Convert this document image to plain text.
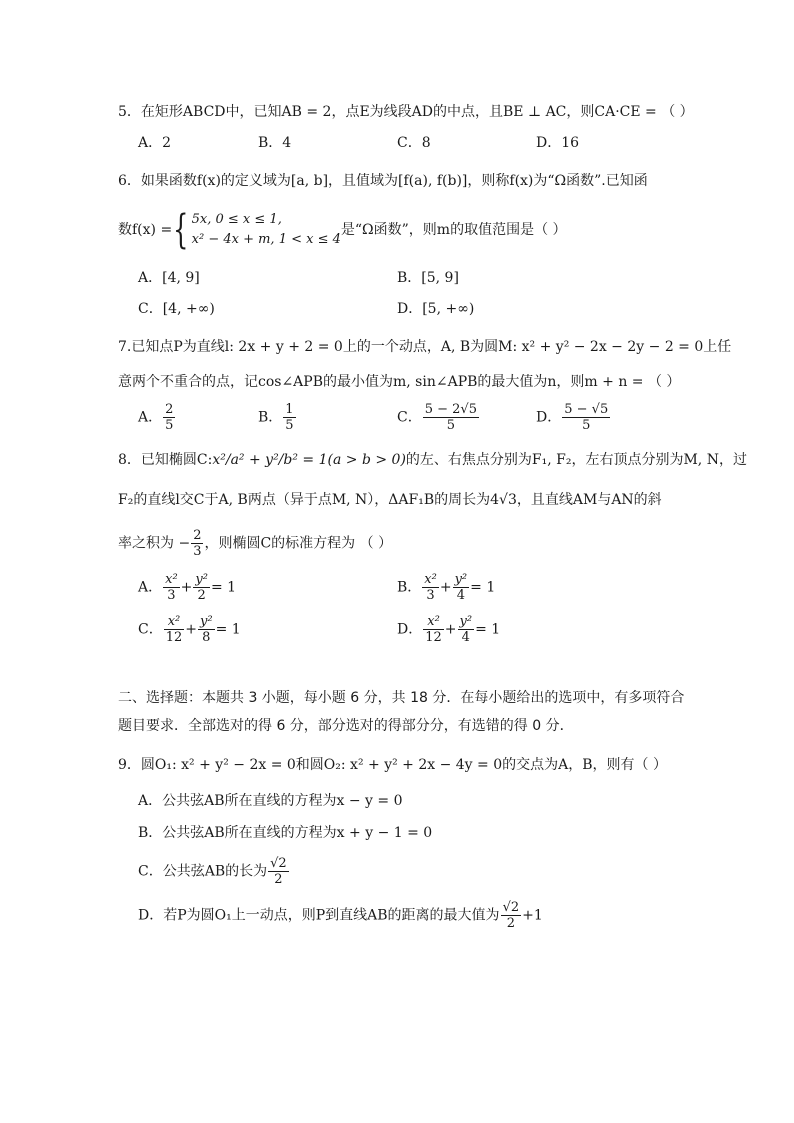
5．在矩形ABCD中，已知AB = 2，点E为线段AD的中点，且BE ⊥ AC，则CA·CE = （ ）
A．2	B．4	C．8	D．16
6．如果函数f(x)的定义域为[a, b]，且值域为[f(a), f(b)]，则称f(x)为“Ω函数”.已知函
数f(x) ={ 5x, 0 ≤ x ≤ 1,
x² − 4x + m, 1 < x ≤ 4
是“Ω函数”，则m的取值范围是（ ）
A．[4, 9]	B．[5, 9]
C．[4, +∞)	D．[5, +∞)
7.已知点P为直线l: 2x + y + 2 = 0上的一个动点，A, B为圆M: x² + y² − 2x − 2y − 2 = 0上任
意两个不重合的点，记cos∠APB的最小值为m, sin∠APB的最大值为n，则m + n = （ ）
A． $\frac{2}{5}$	B． $\frac{1}{5}$	C． $\frac{5 - 2√5}{5}$	D． $\frac{5 - √5}{5}$
8．已知椭圆C:x²/a² + y²/b² = 1(a > b > 0)的左、右焦点分别为F₁, F₂，左右顶点分别为M, N，过
F₂的直线l交C于A, B两点（异于点M, N），ΔAF₁B的周长为4√3，且直线AM与AN的斜
率之积为 − $\frac{2}{3}$ ，则椭圆C的标准方程为 （ ）
A． $\frac{\text{x²}}{3} + \frac{\text{y²}}{2} = 1$	B． $\frac{\text{x²}}{3} + \frac{\text{y²}}{4} = 1$
C． $\frac{\text{x²}}{12} + \frac{\text{y²}}{8} = 1$	D． $\frac{\text{x²}}{12} + \frac{\text{y²}}{4} = 1$
二、选择题：本题共 3 小题，每小题 6 分，共 18 分．在每小题给出的选项中，有多项符合
题目要求．全部选对的得 6 分，部分选对的得部分分，有选错的得 0 分．
9．圆O₁: x² + y² − 2x = 0和圆O₂: x² + y² + 2x − 4y = 0的交点为A，B，则有（ ）
A．公共弦AB所在直线的方程为x − y = 0
B．公共弦AB所在直线的方程为x + y − 1 = 0
C．公共弦AB的长为 $\frac{√2}{2}$
D．若P为圆O₁上一动点，则P到直线AB的距离的最大值为 $\frac{√2}{2} +1$
